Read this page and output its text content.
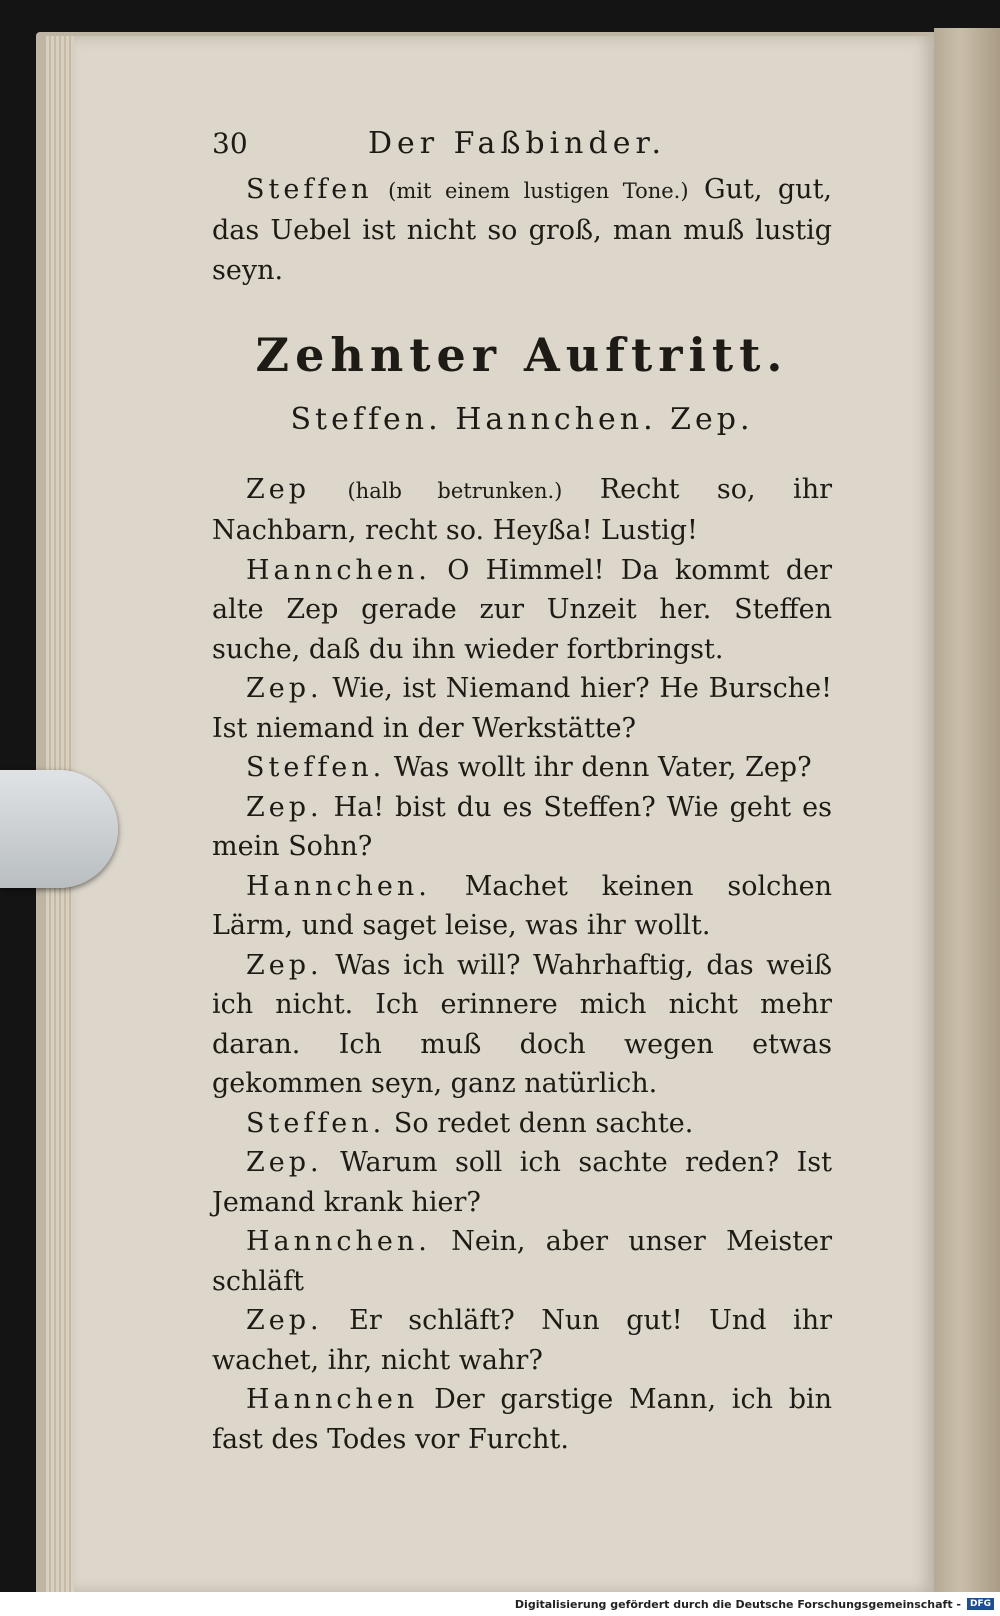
30	Der Faßbinder.

Steffen (mit einem lustigen Tone.) Gut, gut, das Uebel ist nicht so groß, man muß lustig seyn.

Zehnter Auftritt.
Steffen. Hannchen. Zep.

Zep (halb betrunken.) Recht so, ihr Nachbarn, recht so. Heyßa! Lustig!

Hannchen. O Himmel! Da kommt der alte Zep gerade zur Unzeit her. Steffen suche, daß du ihn wieder fortbringst.

Zep. Wie, ist Niemand hier? He Bursche! Ist niemand in der Werkstätte?

Steffen. Was wollt ihr denn Vater, Zep?

Zep. Ha! bist du es Steffen? Wie geht es mein Sohn?

Hannchen. Machet keinen solchen Lärm, und saget leise, was ihr wollt.

Zep. Was ich will? Wahrhaftig, das weiß ich nicht. Ich erinnere mich nicht mehr daran. Ich muß doch wegen etwas gekommen seyn, ganz natürlich.

Steffen. So redet denn sachte.

Zep. Warum soll ich sachte reden? Ist Jemand krank hier?

Hannchen. Nein, aber unser Meister schläft

Zep. Er schläft? Nun gut! Und ihr wachet, ihr, nicht wahr?

Hannchen Der garstige Mann, ich bin fast des Todes vor Furcht.

Digitalisierung gefördert durch die Deutsche Forschungsgemeinschaft -	DFG
